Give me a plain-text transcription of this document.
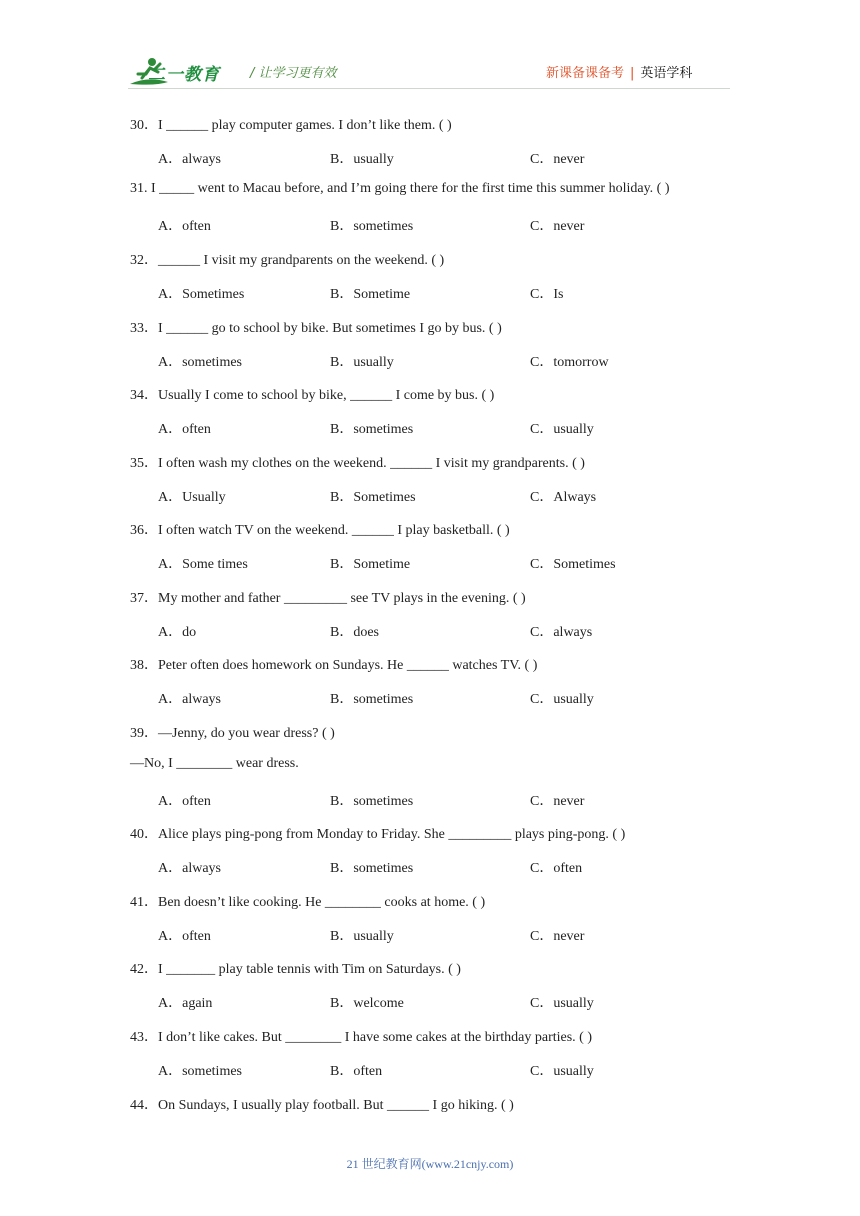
二一教育 / 让学习更有效	新课备课备考 | 英语学科
30．I ______ play computer games. I don’t like them. ( )
A．always	B．usually	C．never
31. I _____ went to Macau before, and I’m going there for the first time this summer holiday. ( )
A．often	B．sometimes	C．never
32．______ I visit my grandparents on the weekend. ( )
A．Sometimes	B．Sometime	C．Is
33．I ______ go to school by bike. But sometimes I go by bus. ( )
A．sometimes	B．usually	C．tomorrow
34．Usually I come to school by bike, ______ I come by bus. ( )
A．often	B．sometimes	C．usually
35．I often wash my clothes on the weekend. ______ I visit my grandparents. ( )
A．Usually	B．Sometimes	C．Always
36．I often watch TV on the weekend. ______ I play basketball. ( )
A．Some times	B．Sometime	C．Sometimes
37．My mother and father _________ see TV plays in the evening. ( )
A．do	B．does	C．always
38．Peter often does homework on Sundays. He ______ watches TV. ( )
A．always	B．sometimes	C．usually
39．—Jenny, do you wear dress? ( )
—No, I ________ wear dress.
A．often	B．sometimes	C．never
40．Alice plays ping-pong from Monday to Friday. She _________ plays ping-pong. ( )
A．always	B．sometimes	C．often
41．Ben doesn’t like cooking. He ________ cooks at home. ( )
A．often	B．usually	C．never
42．I _______ play table tennis with Tim on Saturdays. ( )
A．again	B．welcome	C．usually
43．I don’t like cakes. But ________ I have some cakes at the birthday parties. ( )
A．sometimes	B．often	C．usually
44．On Sundays, I usually play football. But ______ I go hiking. ( )
21 世纪教育网(www.21cnjy.com)
